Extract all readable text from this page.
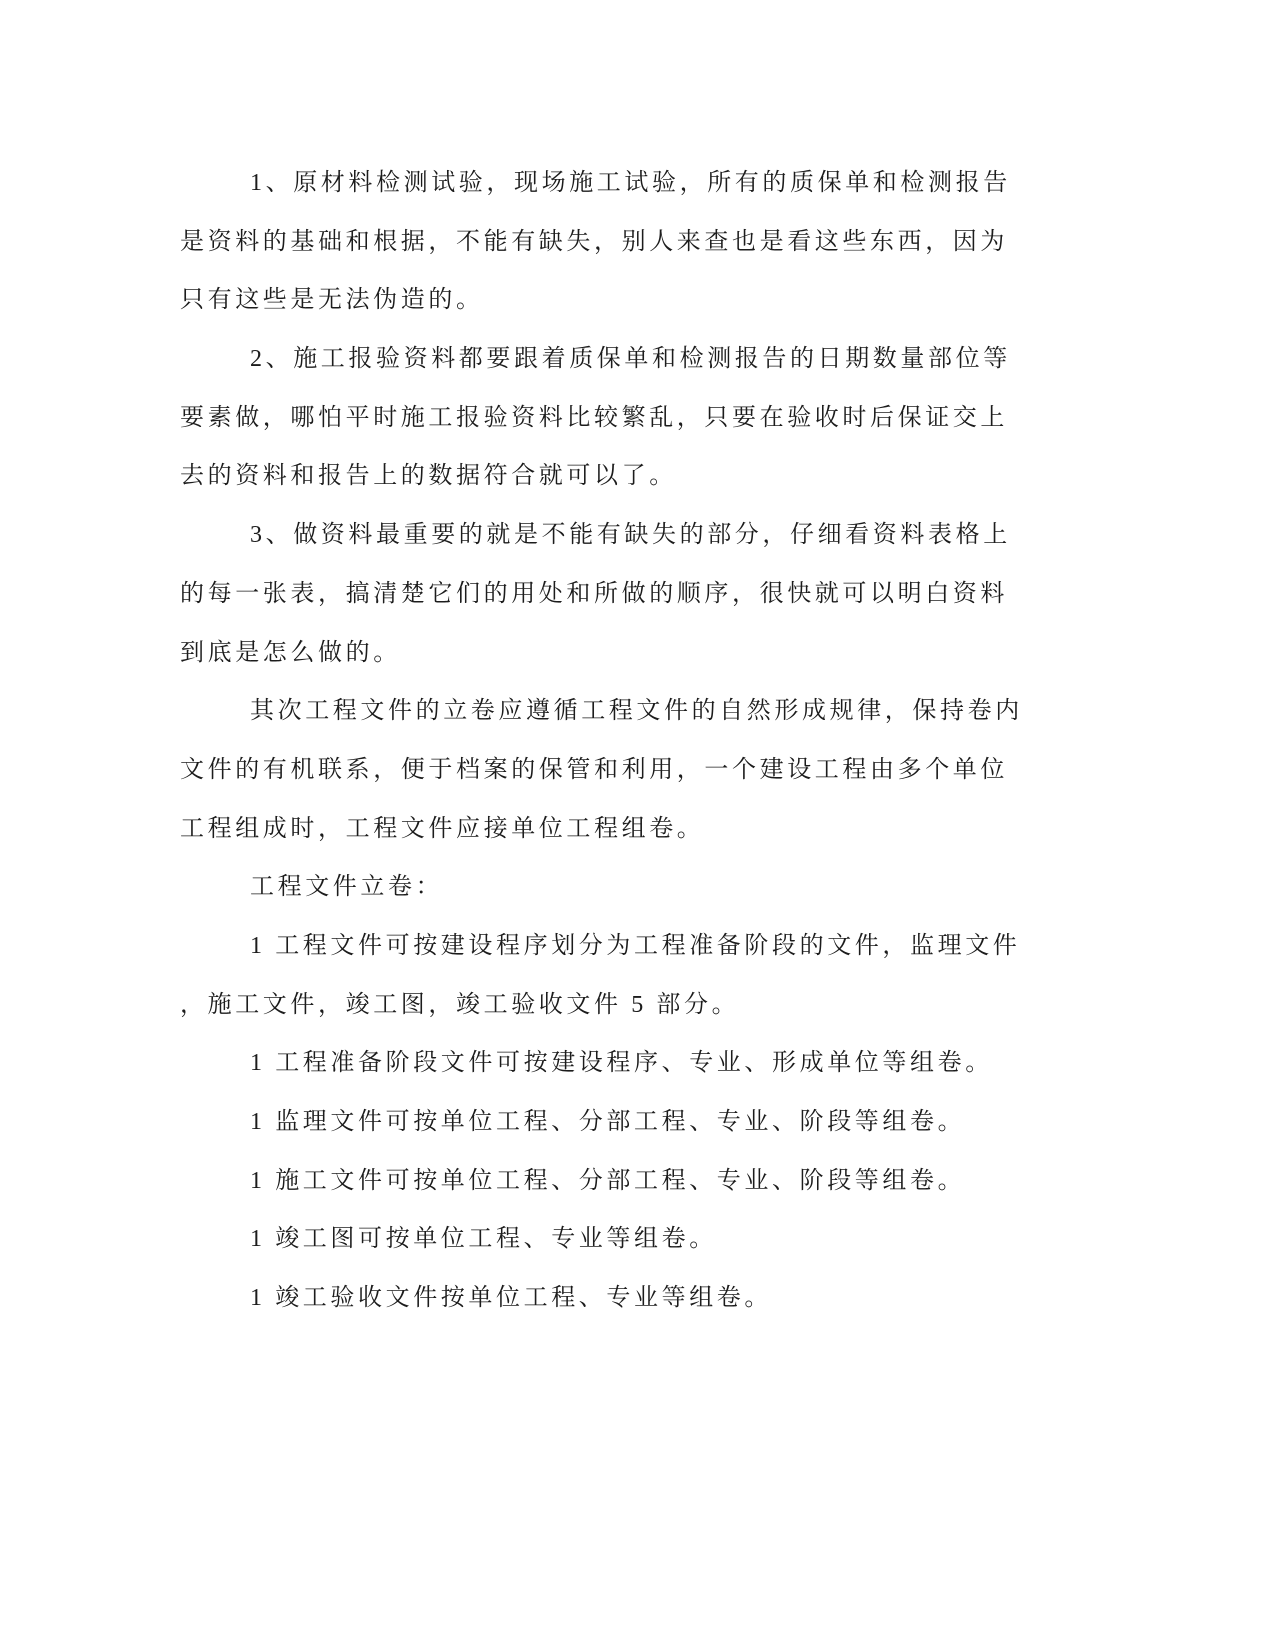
1、原材料检测试验，现场施工试验，所有的质保单和检测报告
是资料的基础和根据，不能有缺失，别人来查也是看这些东西，因为
只有这些是无法伪造的。
2、施工报验资料都要跟着质保单和检测报告的日期数量部位等
要素做，哪怕平时施工报验资料比较繁乱，只要在验收时后保证交上
去的资料和报告上的数据符合就可以了。
3、做资料最重要的就是不能有缺失的部分，仔细看资料表格上
的每一张表，搞清楚它们的用处和所做的顺序，很快就可以明白资料
到底是怎么做的。
其次工程文件的立卷应遵循工程文件的自然形成规律，保持卷内
文件的有机联系，便于档案的保管和利用，一个建设工程由多个单位
工程组成时，工程文件应接单位工程组卷。
工程文件立卷：
1 工程文件可按建设程序划分为工程准备阶段的文件，监理文件
，施工文件，竣工图，竣工验收文件 5 部分。
1 工程准备阶段文件可按建设程序、专业、形成单位等组卷。
1 监理文件可按单位工程、分部工程、专业、阶段等组卷。
1 施工文件可按单位工程、分部工程、专业、阶段等组卷。
1 竣工图可按单位工程、专业等组卷。
1 竣工验收文件按单位工程、专业等组卷。
